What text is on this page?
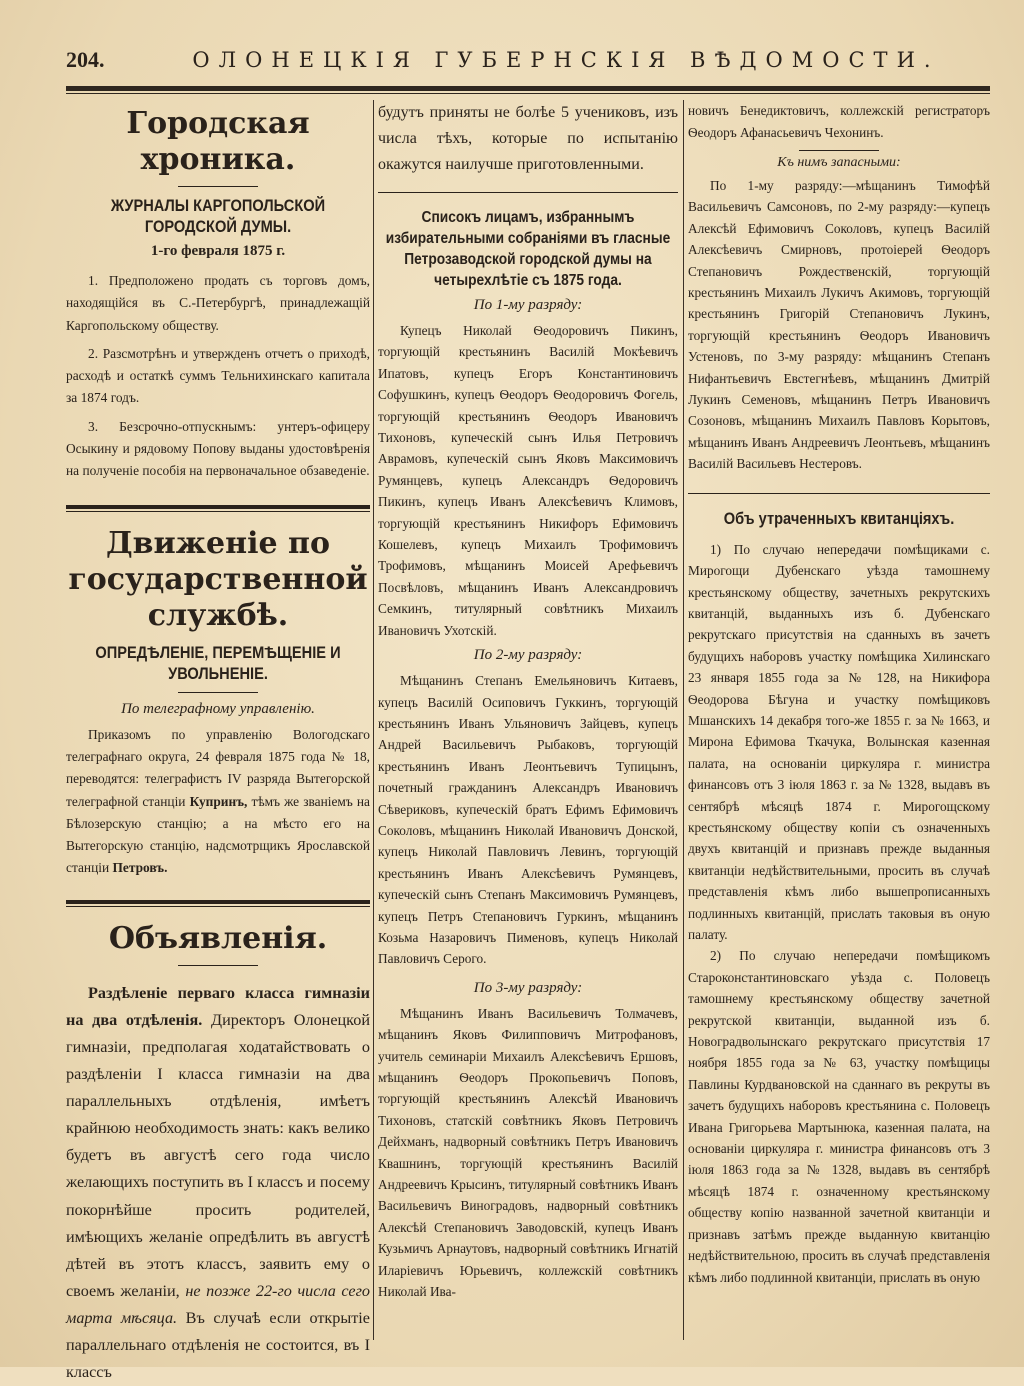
204.	ОЛОНЕЦКІЯ ГУБЕРНСКІЯ ВѢДОМОСТИ.
Городская хроника.
ЖУРНАЛЫ КАРГОПОЛЬСКОЙ ГОРОДСКОЙ ДУМЫ.
1-го февраля 1875 г.

1. Предположено продать съ торговъ домъ, находящійся въ С.-Петербургѣ, принадлежащій Каргопольскому обществу.

2. Разсмотрѣнъ и утвержденъ отчетъ о приходѣ, расходѣ и остаткѣ суммъ Тельнихинскаго капитала за 1874 годъ.

3. Безсрочно-отпускнымъ: унтеръ-офицеру Осыкину и рядовому Попову выданы удостовѣренія на полученіе пособія на первоначальное обзаведеніе.

Движеніе по государственной службѣ.
ОПРЕДѢЛЕНІЕ, ПЕРЕМѢЩЕНІЕ И УВОЛЬНЕНІЕ.
По телеграфному управленію.

Приказомъ по управленію Вологодскаго телеграфнаго округа, 24 февраля 1875 года № 18, переводятся: телеграфистъ IV разряда Вытегорской телеграфной станціи Купринъ, тѣмъ же званіемъ на Бѣлозерскую станцію; а на мѣсто его на Вытегорскую станцію, надсмотрщикъ Ярославской станціи Петровъ.

Объявленія.

Раздѣленіе перваго класса гимназіи на два отдѣленія. Директоръ Олонецкой гимназіи, предполагая ходатайствовать о раздѣленіи I класса гимназіи на два параллельныхъ отдѣленія, имѣетъ крайнюю необходимость знать: какъ велико будетъ въ августѣ сего года число желающихъ поступить въ I классъ и посему покорнѣйше просить родителей, имѣющихъ желаніе опредѣлить въ августѣ дѣтей въ этотъ классъ, заявить ему о своемъ желаніи, не позже 22-го числа сего марта мѣсяца. Въ случаѣ если открытіе параллельнаго отдѣленія не состоится, въ I классъ

будутъ приняты не болѣе 5 учениковъ, изъ числа тѣхъ, которые по испытанію окажутся наилучше приготовленными.

Списокъ лицамъ, избраннымъ избирательными собраніями въ гласные Петрозаводской городской думы на четырехлѣтіе съ 1875 года.
По 1-му разряду:

Купецъ Николай Ѳеодоровичъ Пикинъ, торгующій крестьянинъ Василій Мокѣевичъ Ипатовъ, купецъ Егоръ Константиновичъ Софушкинъ, купецъ Ѳеодоръ Ѳеодоровичъ Фогель, торгующій крестьянинъ Ѳеодоръ Ивановичъ Тихоновъ, купеческій сынъ Илья Петровичъ Аврамовъ, купеческій сынъ Яковъ Максимовичъ Румянцевъ, купецъ Александръ Ѳедоровичъ Пикинъ, купецъ Иванъ Алексѣевичъ Климовъ, торгующій крестьянинъ Никифоръ Ефимовичъ Кошелевъ, купецъ Михаилъ Трофимовичъ Трофимовъ, мѣщанинъ Моисей Арефьевичъ Посвѣловъ, мѣщанинъ Иванъ Александровичъ Семкинъ, титулярный совѣтникъ Михаилъ Ивановичъ Ухотскій.

По 2-му разряду:

Мѣщанинъ Степанъ Емельяновичъ Китаевъ, купецъ Василій Осиповичъ Гуккинъ, торгующій крестьянинъ Иванъ Ульяновичъ Зайцевъ, купецъ Андрей Васильевичъ Рыбаковъ, торгующій крестьянинъ Иванъ Леонтьевичъ Тупицынъ, почетный гражданинъ Александръ Ивановичъ Сѣвериковъ, купеческій братъ Ефимъ Ефимовичъ Соколовъ, мѣщанинъ Николай Ивановичъ Донской, купецъ Николай Павловичъ Левинъ, торгующій крестьянинъ Иванъ Алексѣевичъ Румянцевъ, купеческій сынъ Степанъ Максимовичъ Румянцевъ, купецъ Петръ Степановичъ Гуркинъ, мѣщанинъ Козьма Назаровичъ Пименовъ, купецъ Николай Павловичъ Серого.

По 3-му разряду:

Мѣщанинъ Иванъ Васильевичъ Толмачевъ, мѣщанинъ Яковъ Филипповичъ Митрофановъ, учитель семинаріи Михаилъ Алексѣевичъ Ершовъ, мѣщанинъ Ѳеодоръ Прокопьевичъ Поповъ, торгующій крестьянинъ Алексѣй Ивановичъ Тихоновъ, статскій совѣтникъ Яковъ Петровичъ Дейхманъ, надворный совѣтникъ Петръ Ивановичъ Квашнинъ, торгующій крестьянинъ Василій Андреевичъ Крысинъ, титулярный совѣтникъ Иванъ Васильевичъ Виноградовъ, надворный совѣтникъ Алексѣй Степановичъ Заводовскій, купецъ Иванъ Кузьмичъ Арнаутовъ, надворный совѣтникъ Игнатій Иларіевичъ Юрьевичъ, коллежскій совѣтникъ Николай Ива-

новичъ Бенедиктовичъ, коллежскій регистраторъ Ѳеодоръ Афанасьевичъ Чехонинъ.

Къ нимъ запасными:

По 1-му разряду:—мѣщанинъ Тимофѣй Васильевичъ Самсоновъ, по 2-му разряду:—купецъ Алексѣй Ефимовичъ Соколовъ, купецъ Василій Алексѣевичъ Смирновъ, протоіерей Ѳеодоръ Степановичъ Рождественскій, торгующій крестьянинъ Михаилъ Лукичъ Акимовъ, торгующій крестьянинъ Григорій Степановичъ Лукинъ, торгующій крестьянинъ Ѳеодоръ Ивановичъ Устеновъ, по 3-му разряду: мѣщанинъ Степанъ Нифантьевичъ Евстегнѣевъ, мѣщанинъ Дмитрій Лукинъ Семеновъ, мѣщанинъ Петръ Ивановичъ Созоновъ, мѣщанинъ Михаилъ Павловъ Корытовъ, мѣщанинъ Иванъ Андреевичъ Леонтьевъ, мѣщанинъ Василій Васильевъ Нестеровъ.

Объ утраченныхъ квитанціяхъ.

1) По случаю непередачи помѣщиками с. Мирогощи Дубенскаго уѣзда тамошнему крестьянскому обществу, зачетныхъ рекрутскихъ квитанцій, выданныхъ изъ б. Дубенскаго рекрутскаго присутствія на сданныхъ въ зачетъ будущихъ наборовъ участку помѣщика Хилинскаго 23 января 1855 года за № 128, на Никифора Ѳеодорова Бѣгуна и участку помѣщиковъ Мшанскихъ 14 декабря того-же 1855 г. за № 1663, и Мирона Ефимова Ткачука, Волынская казенная палата, на основаніи циркуляра г. министра финансовъ отъ 3 іюля 1863 г. за № 1328, выдавъ въ сентябрѣ мѣсяцѣ 1874 г. Мирогощскому крестьянскому обществу копіи съ означенныхъ двухъ квитанцій и признавъ прежде выданныя квитанціи недѣйствительными, просить въ случаѣ представленія кѣмъ либо вышепрописанныхъ подлинныхъ квитанцій, прислать таковыя въ оную палату.

2) По случаю непередачи помѣщикомъ Староконстантиновскаго уѣзда с. Половецъ тамошнему крестьянскому обществу зачетной рекрутской квитанціи, выданной изъ б. Новоградволынскаго рекрутскаго присутствія 17 ноября 1855 года за № 63, участку помѣщицы Павлины Курдвановской на сданнаго въ рекруты въ зачетъ будущихъ наборовъ крестьянина с. Половецъ Ивана Григорьева Мартынюка, казенная палата, на основаніи циркуляра г. министра финансовъ отъ 3 іюля 1863 года за № 1328, выдавъ въ сентябрѣ мѣсяцѣ 1874 г. означенному крестьянскому обществу копію названной зачетной квитанціи и признавъ затѣмъ прежде выданную квитанцію недѣйствительною, просить въ случаѣ представленія кѣмъ либо подлинной квитанціи, прислать въ оную
